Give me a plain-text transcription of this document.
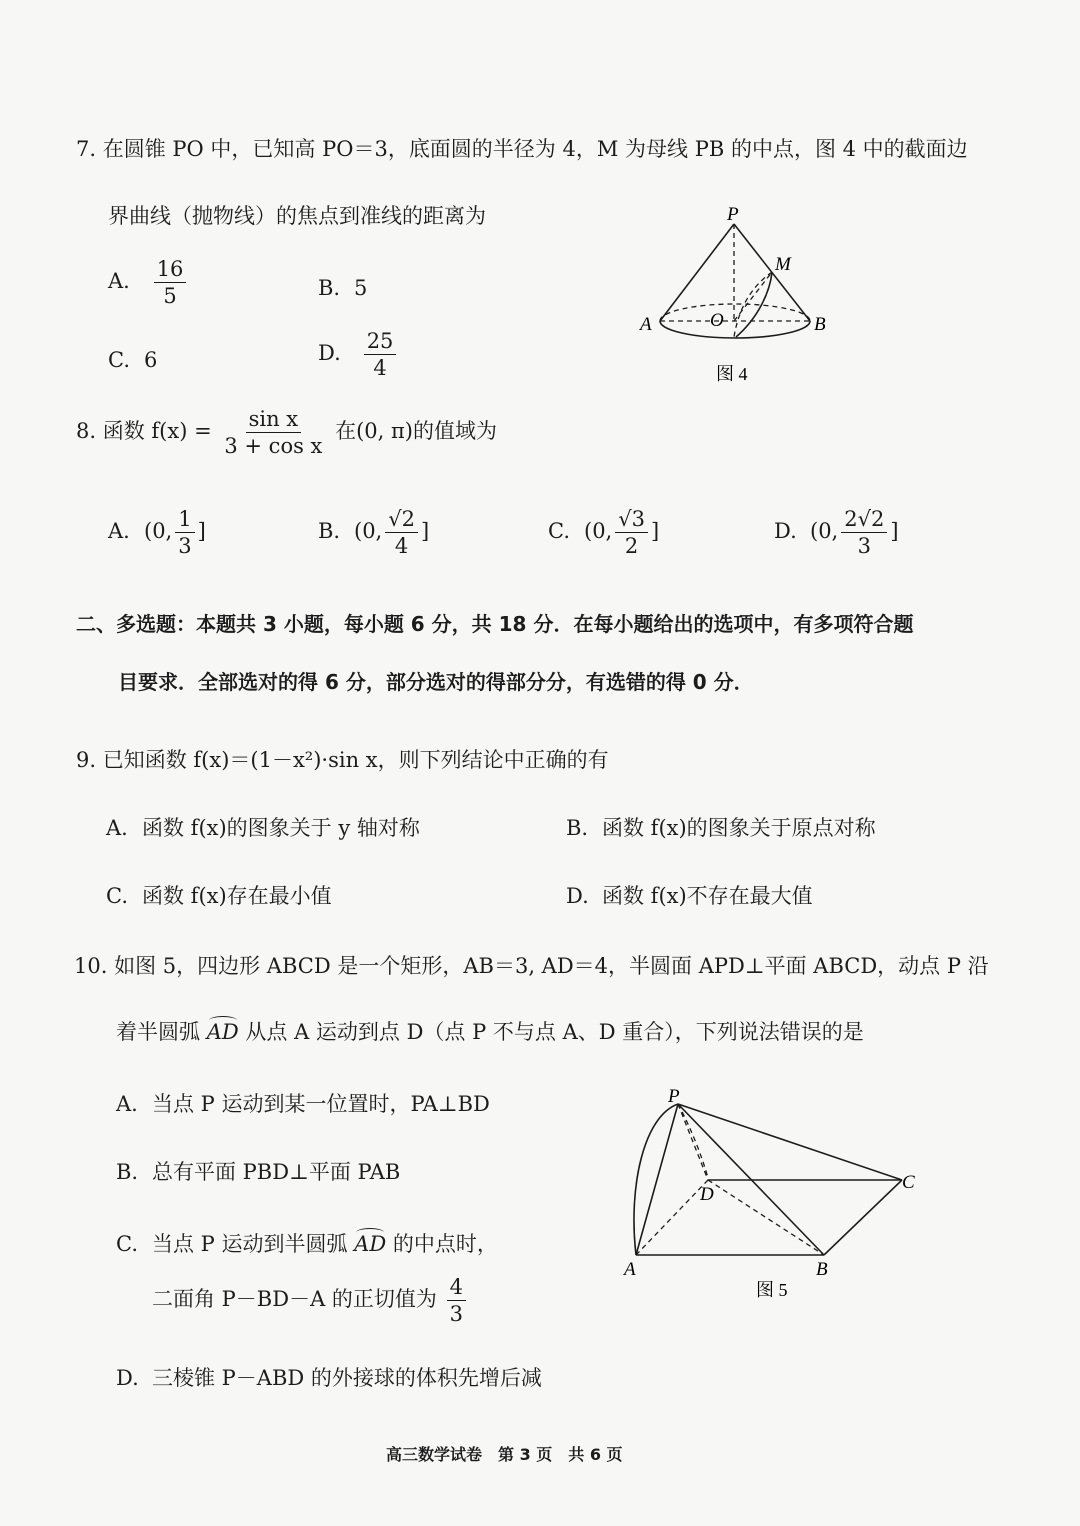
7. 在圆锥 PO 中，已知高 PO＝3，底面圆的半径为 4，M 为母线 PB 的中点，图 4 中的截面边
界曲线（抛物线）的焦点到准线的距离为
A. $\frac{16}{5}$	B. 5
C. 6	D. $\frac{25}{4}$
P
M
A	O	B
图 4
8. 函数 $f(x) = \frac{\text{sin x}}{\text{3 + cos x}}$ 在(0, π)的值域为
A. (0, $\frac{1}{3}$ ]	B. (0, $\frac{√2}{4}$ ]	C. (0, $\frac{√3}{2}$ ]	D. (0, $\frac{2√2}{3}$ ]
二、多选题：本题共 3 小题，每小题 6 分，共 18 分．在每小题给出的选项中，有多项符合题
目要求．全部选对的得 6 分，部分选对的得部分分，有选错的得 0 分．
9. 已知函数 f(x)＝(1－x²)·sin x，则下列结论中正确的有
A. 函数 f(x)的图象关于 y 轴对称	B. 函数 f(x)的图象关于原点对称
C. 函数 f(x)存在最小值	D. 函数 f(x)不存在最大值
10. 如图 5，四边形 ABCD 是一个矩形，AB＝3, AD＝4，半圆面 APD⊥平面 ABCD，动点 P 沿
着半圆弧 AD 从点 A 运动到点 D（点 P 不与点 A、D 重合），下列说法错误的是
A. 当点 P 运动到某一位置时，PA⊥BD
B. 总有平面 PBD⊥平面 PAB
C. 当点 P 运动到半圆弧 AD 的中点时，
二面角 P－BD－A 的正切值为 $\frac{4}{3}$
D. 三棱锥 P－ABD 的外接球的体积先增后减
P
D
C
A	B
图 5
高三数学试卷　第 3 页　共 6 页
